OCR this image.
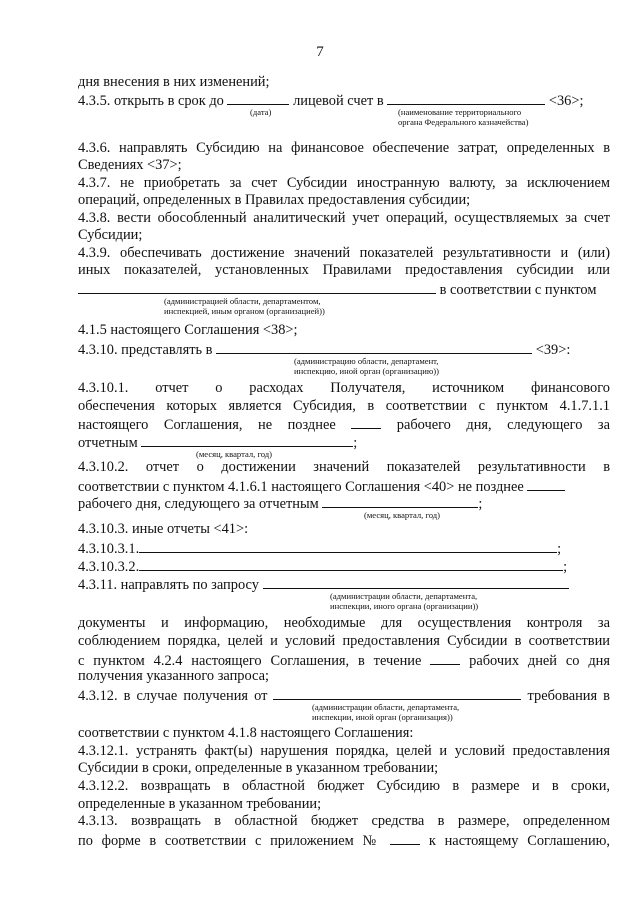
7
дня внесения в них изменений;
4.3.5. открыть в срок до	лицевой счет в	<36>;
(дата)	(наименование территориального
органа Федерального казначейства)
4.3.6. направлять Субсидию на финансовое обеспечение затрат, определенных в
Сведениях <37>;
4.3.7. не приобретать за счет Субсидии иностранную валюту, за исключением
операций, определенных в Правилах предоставления субсидии;
4.3.8. вести обособленный аналитический учет операций, осуществляемых за счет
Субсидии;
4.3.9. обеспечивать достижение значений показателей результативности и (или)
иных показателей, установленных Правилами предоставления субсидии или
в соответствии с пунктом
(администрацией области, департаментом,
инспекцией, иным органом (организацией))
4.1.5 настоящего Соглашения <38>;
4.3.10. представлять в	<39>:
(администрацию области, департамент,
инспекцию, иной орган (организацию))
4.3.10.1. отчет о расходах Получателя, источником финансового
обеспечения которых является Субсидия, в соответствии с пунктом 4.1.7.1.1
настоящего Соглашения, не позднее	рабочего дня, следующего за
отчетным	;
(месяц, квартал, год)
4.3.10.2. отчет о достижении значений показателей результативности в
соответствии с пунктом 4.1.6.1 настоящего Соглашения <40> не позднее
рабочего дня, следующего за отчетным	;
(месяц, квартал, год)
4.3.10.3. иные отчеты <41>:
4.3.10.3.1.	;
4.3.10.3.2.	;
4.3.11. направлять по запросу
(администрации области, департамента,
инспекции, иного органа (организации))
документы и информацию, необходимые для осуществления контроля за
соблюдением порядка, целей и условий предоставления Субсидии в соответствии
с пунктом 4.2.4 настоящего Соглашения, в течение	рабочих дней со дня
получения указанного запроса;
4.3.12. в случае получения от	требования в
(администрации области, департамента,
инспекции, иной орган (организация))
соответствии с пунктом 4.1.8 настоящего Соглашения:
4.3.12.1. устранять факт(ы) нарушения порядка, целей и условий предоставления
Субсидии в сроки, определенные в указанном требовании;
4.3.12.2. возвращать в областной бюджет Субсидию в размере и в сроки,
определенные в указанном требовании;
4.3.13. возвращать в областной бюджет средства в размере, определенном
по форме в соответствии с приложением №	к настоящему Соглашению,
